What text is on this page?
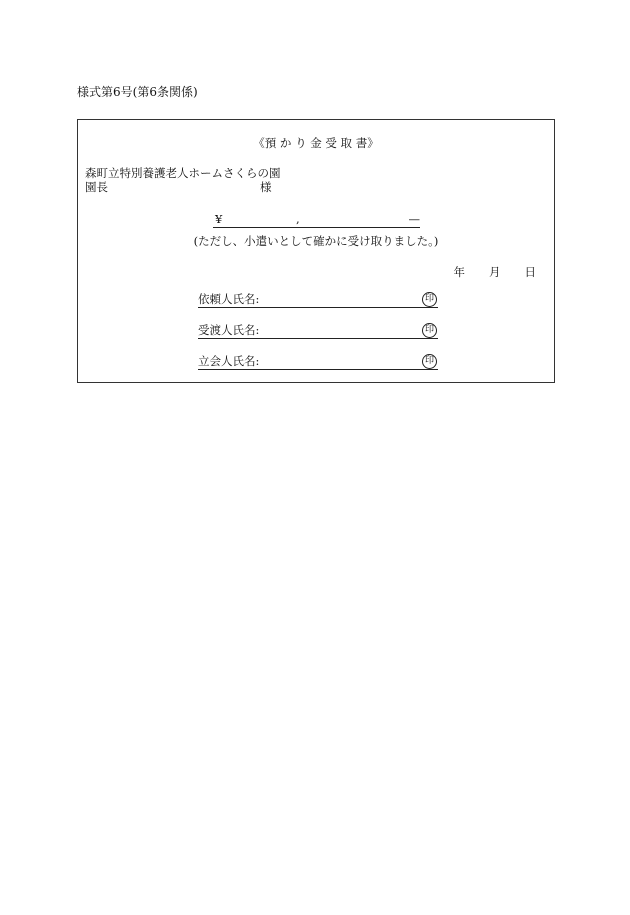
様式第6号(第6条関係)
《預 か り 金 受 取 書》
森町立特別養護老人ホームさくらの園
園長	様
¥	,	—
(ただし、小遣いとして確かに受け取りました。)
年 月 日
依頼人氏名:	印
受渡人氏名:	印
立会人氏名:	印
